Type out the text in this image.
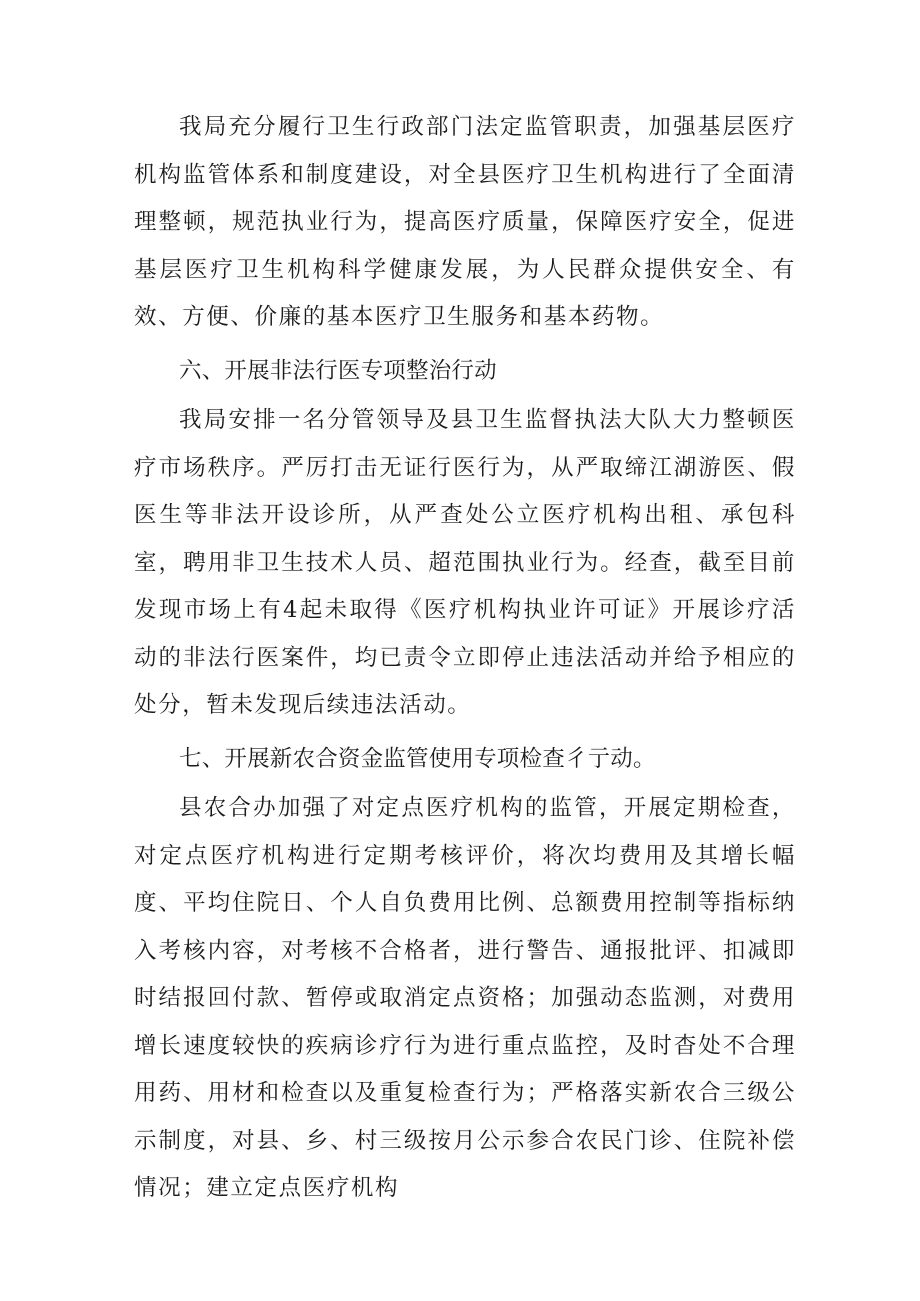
我局充分履行卫生行政部门法定监管职责，加强基层医疗机构监管体系和制度建设，对全县医疗卫生机构进行了全面清理整顿，规范执业行为，提高医疗质量，保障医疗安全，促进基层医疗卫生机构科学健康发展，为人民群众提供安全、有效、方便、价廉的基本医疗卫生服务和基本药物。

六、开展非法行医专项整治行动

我局安排一名分管领导及县卫生监督执法大队大力整顿医疗市场秩序。严厉打击无证行医行为，从严取缔江湖游医、假医生等非法开设诊所，从严查处公立医疗机构出租、承包科室，聘用非卫生技术人员、超范围执业行为。经查，截至目前发现市场上有4起未取得《医疗机构执业许可证》开展诊疗活动的非法行医案件，均已责令立即停止违法活动并给予相应的处分，暂未发现后续违法活动。

七、开展新农合资金监管使用专项检查彳亍动。

县农合办加强了对定点医疗机构的监管，开展定期检查，对定点医疗机构进行定期考核评价，将次均费用及其增长幅度、平均住院日、个人自负费用比例、总额费用控制等指标纳入考核内容，对考核不合格者，进行警告、通报批评、扣减即时结报回付款、暂停或取消定点资格；加强动态监测，对费用增长速度较快的疾病诊疗行为进行重点监控，及时杳处不合理用药、用材和检查以及重复检查行为；严格落实新农合三级公示制度，对县、乡、村三级按月公示参合农民门诊、住院补偿情况；建立定点医疗机构
